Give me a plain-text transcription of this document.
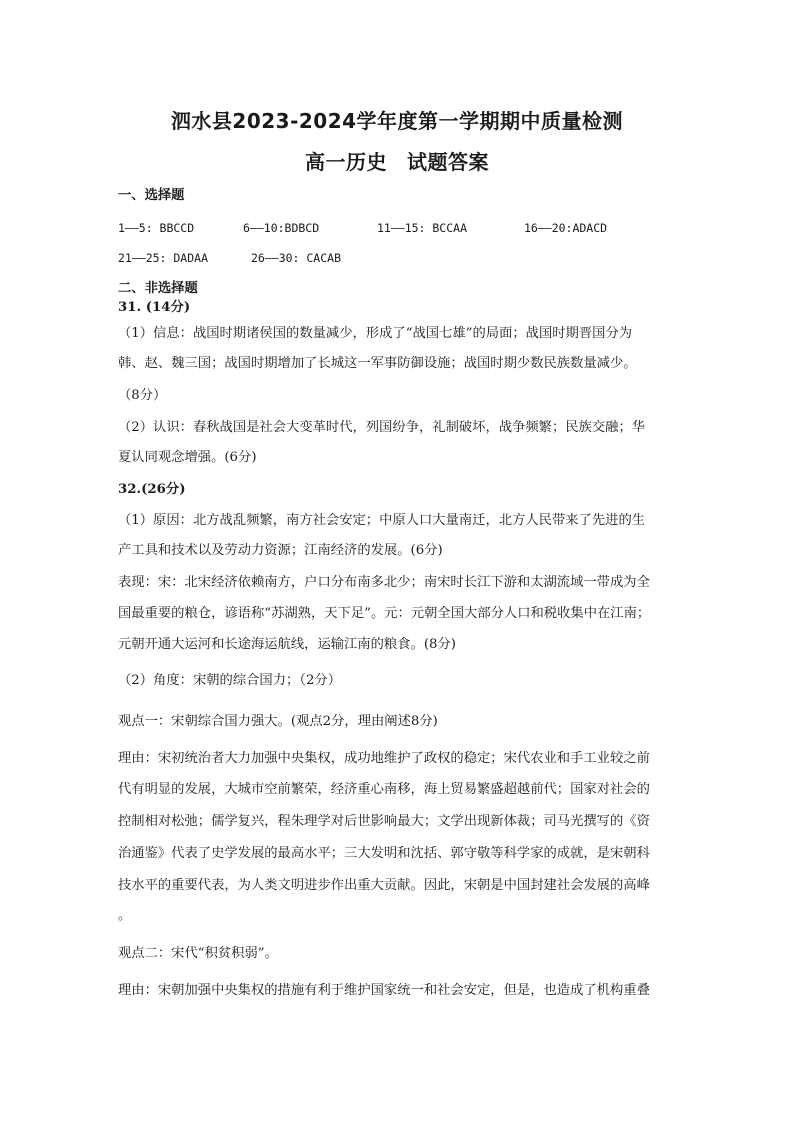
泗水县2023-2024学年度第一学期期中质量检测
高一历史 试题答案
一、选择题
1——5: BBCCD	6——10:BDBCD	11——15: BCCAA	16——20:ADACD
21——25: DADAA	26——30: CACAB
二、非选择题
31. (14分)
（1）信息：战国时期诸侯国的数量减少，形成了“战国七雄”的局面；战国时期晋国分为
韩、赵、魏三国；战国时期增加了长城这一军事防御设施；战国时期少数民族数量减少。
（8分）
（2）认识：春秋战国是社会大变革时代，列国纷争，礼制破坏，战争频繁；民族交融；华
夏认同观念增强。(6分)
32.(26分)
（1）原因：北方战乱频繁，南方社会安定；中原人口大量南迁，北方人民带来了先进的生
产工具和技术以及劳动力资源；江南经济的发展。(6分)
表现：宋：北宋经济依赖南方，户口分布南多北少；南宋时长江下游和太湖流域一带成为全
国最重要的粮仓，谚语称“苏湖熟，天下足”。元：元朝全国大部分人口和税收集中在江南；
元朝开通大运河和长途海运航线，运输江南的粮食。(8分)
（2）角度：宋朝的综合国力；（2分）
观点一：宋朝综合国力强大。(观点2分，理由阐述8分)
理由：宋初统治者大力加强中央集权，成功地维护了政权的稳定；宋代农业和手工业较之前
代有明显的发展，大城市空前繁荣，经济重心南移，海上贸易繁盛超越前代；国家对社会的
控制相对松弛；儒学复兴，程朱理学对后世影响最大；文学出现新体裁；司马光撰写的《资
治通鉴》代表了史学发展的最高水平；三大发明和沈括、郭守敬等科学家的成就，是宋朝科
技水平的重要代表，为人类文明进步作出重大贡献。因此，宋朝是中国封建社会发展的高峰
。
观点二：宋代“积贫积弱”。
理由：宋朝加强中央集权的措施有利于维护国家统一和社会安定，但是，也造成了机构重叠
